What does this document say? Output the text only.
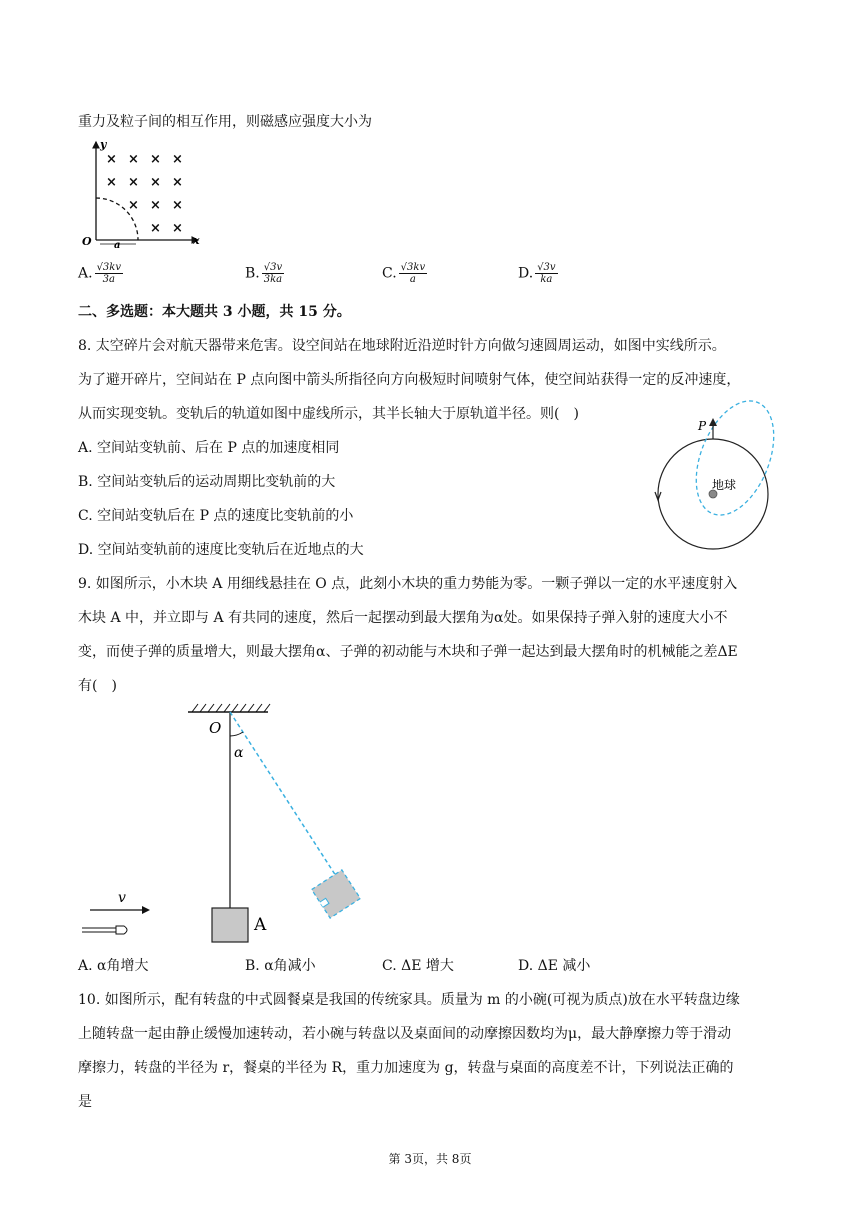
重力及粒子间的相互作用，则磁感应强度大小为
y
x
O a
× × × ×
× × × ×
× × ×
× ×
A. $\frac{√3kv}{3a}$	B. $\frac{√3v}{3ka}$	C. $\frac{√3kv}{a}$	D. $\frac{√3v}{ka}$
二、多选题：本大题共 3 小题，共 15 分。
8. 太空碎片会对航天器带来危害。设空间站在地球附近沿逆时针方向做匀速圆周运动，如图中实线所示。
为了避开碎片，空间站在 P 点向图中箭头所指径向方向极短时间喷射气体，使空间站获得一定的反冲速度，
从而实现变轨。变轨后的轨道如图中虚线所示，其半长轴大于原轨道半径。则(　)
A. 空间站变轨前、后在 P 点的加速度相同
B. 空间站变轨后的运动周期比变轨前的大
C. 空间站变轨后在 P 点的速度比变轨前的小
D. 空间站变轨前的速度比变轨后在近地点的大
P
地球
9. 如图所示，小木块 A 用细线悬挂在 O 点，此刻小木块的重力势能为零。一颗子弹以一定的水平速度射入
木块 A 中，并立即与 A 有共同的速度，然后一起摆动到最大摆角为α处。如果保持子弹入射的速度大小不
变，而使子弹的质量增大，则最大摆角α、子弹的初动能与木块和子弹一起达到最大摆角时的机械能之差ΔE
有(　)
O
α
A
v
A. α角增大	B. α角减小	C. ΔE 增大	D. ΔE 减小
10. 如图所示，配有转盘的中式圆餐桌是我国的传统家具。质量为 m 的小碗(可视为质点)放在水平转盘边缘
上随转盘一起由静止缓慢加速转动，若小碗与转盘以及桌面间的动摩擦因数均为μ，最大静摩擦力等于滑动
摩擦力，转盘的半径为 r，餐桌的半径为 R，重力加速度为 g，转盘与桌面的高度差不计，下列说法正确的
是
第 3页，共 8页
